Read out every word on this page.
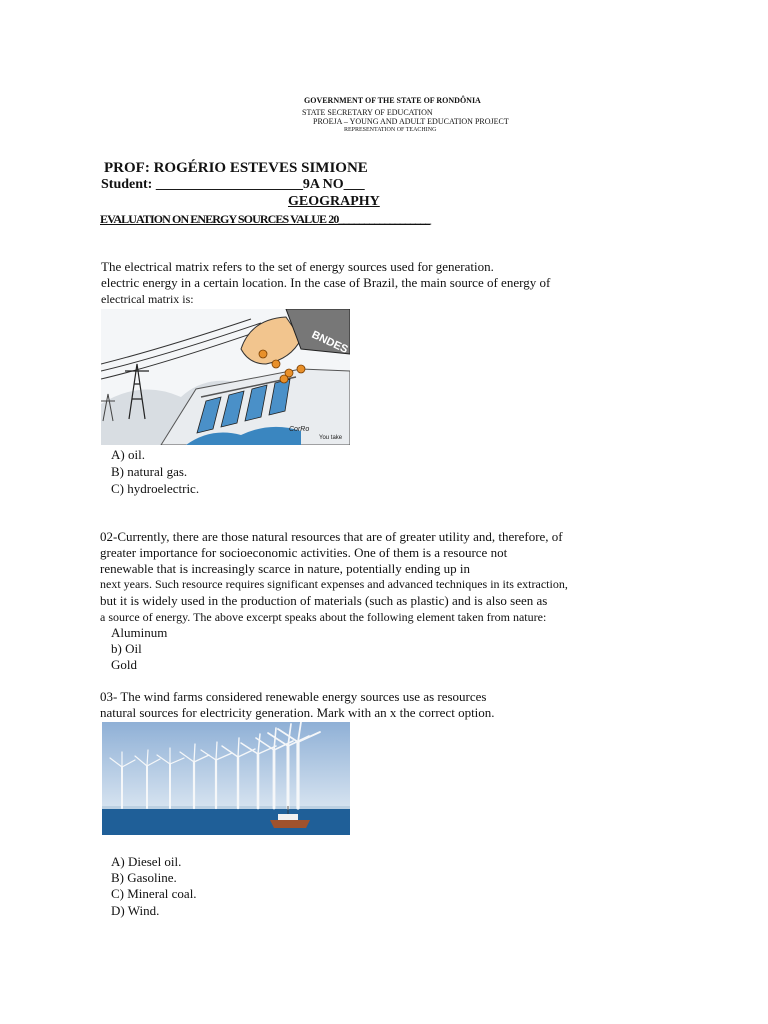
GOVERNMENT OF THE STATE OF RONDÔNIA
STATE SECRETARY OF EDUCATION
PROEJA – YOUNG AND ADULT EDUCATION PROJECT
REPRESENTATION OF TEACHING
PROF: ROGÉRIO ESTEVES SIMIONE
Student: _____________________9A NO___
GEOGRAPHY
EVALUATION ON ENERGY SOURCES VALUE 20__________________
The electrical matrix refers to the set of energy sources used for generation.
electric energy in a certain location. In the case of Brazil, the main source of energy of
electrical matrix is:
BNDES
CorRo
You take
A) oil.
B) natural gas.
C) hydroelectric.
02-Currently, there are those natural resources that are of greater utility and, therefore, of
greater importance for socioeconomic activities. One of them is a resource not
renewable that is increasingly scarce in nature, potentially ending up in
next years. Such resource requires significant expenses and advanced techniques in its extraction,
but it is widely used in the production of materials (such as plastic) and is also seen as
a source of energy. The above excerpt speaks about the following element taken from nature:
Aluminum
b) Oil
Gold
03- The wind farms considered renewable energy sources use as resources
natural sources for electricity generation. Mark with an x the correct option.
A) Diesel oil.
B) Gasoline.
C) Mineral coal.
D) Wind.
